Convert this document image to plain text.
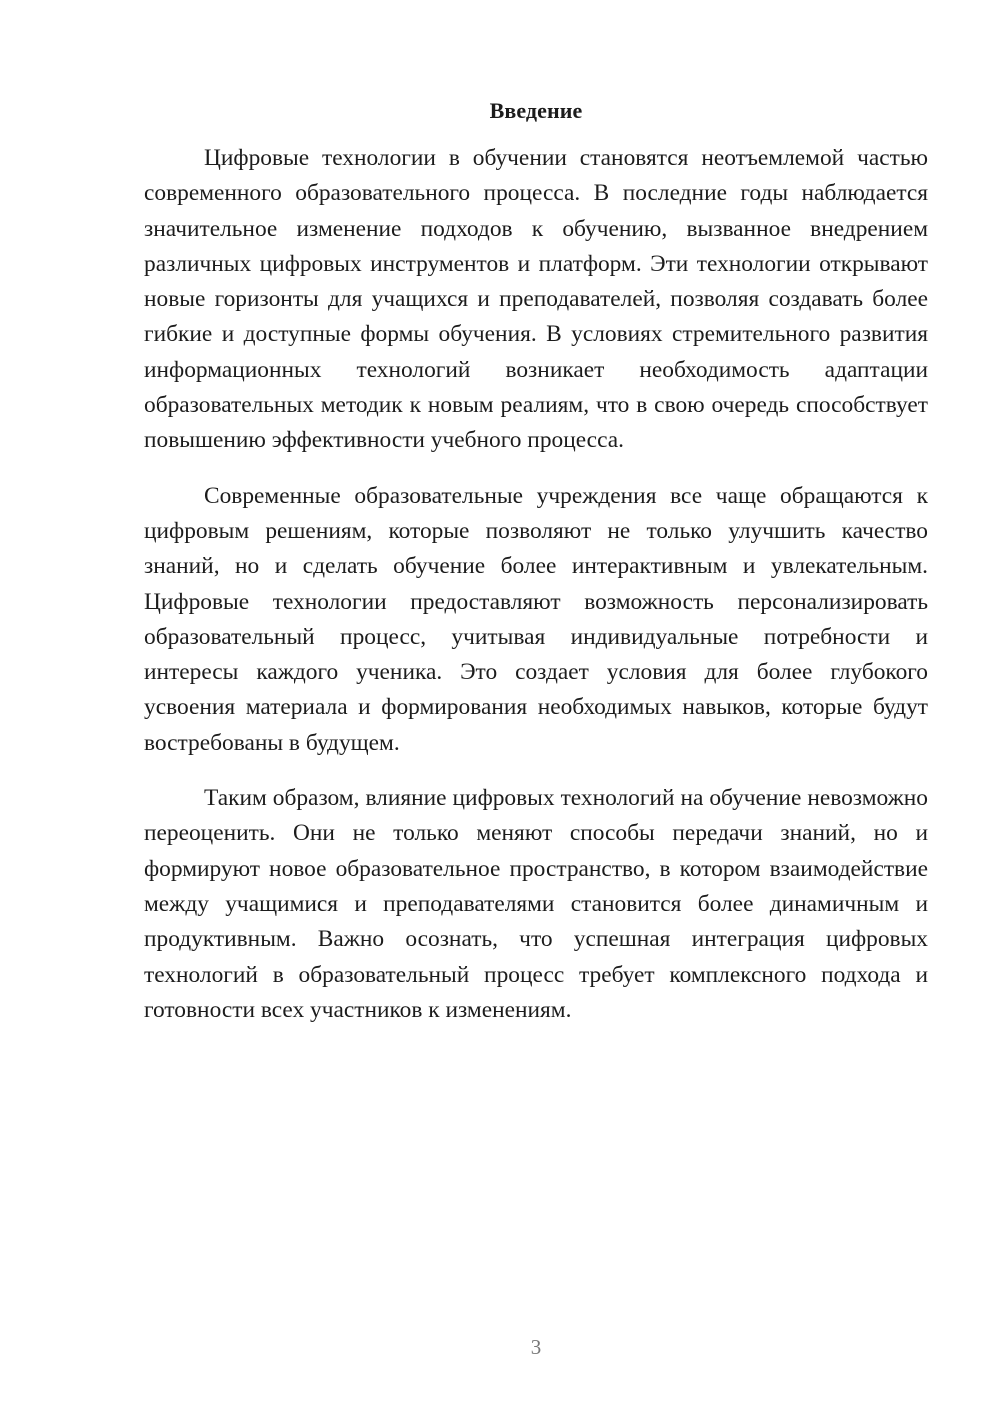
Введение

Цифровые технологии в обучении становятся неотъемлемой частью современного образовательного процесса. В последние годы наблюдается значительное изменение подходов к обучению, вызванное внедрением различных цифровых инструментов и платформ. Эти технологии открывают новые горизонты для учащихся и преподавателей, позволяя создавать более гибкие и доступные формы обучения. В условиях стремительного развития информационных технологий возникает необходимость адаптации образовательных методик к новым реалиям, что в свою очередь способствует повышению эффективности учебного процесса.

Современные образовательные учреждения все чаще обращаются к цифровым решениям, которые позволяют не только улучшить качество знаний, но и сделать обучение более интерактивным и увлекательным. Цифровые технологии предоставляют возможность персонализировать образовательный процесс, учитывая индивидуальные потребности и интересы каждого ученика. Это создает условия для более глубокого усвоения материала и формирования необходимых навыков, которые будут востребованы в будущем.

Таким образом, влияние цифровых технологий на обучение невозможно переоценить. Они не только меняют способы передачи знаний, но и формируют новое образовательное пространство, в котором взаимодействие между учащимися и преподавателями становится более динамичным и продуктивным. Важно осознать, что успешная интеграция цифровых технологий в образовательный процесс требует комплексного подхода и готовности всех участников к изменениям.

3
